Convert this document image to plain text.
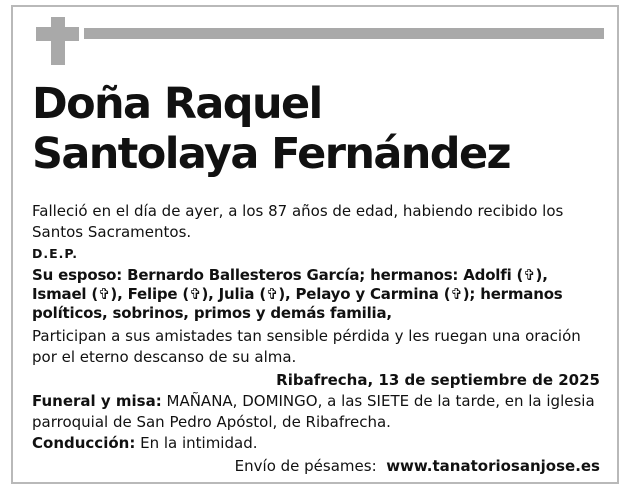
Doña Raquel
Santolaya Fernández
Falleció en el día de ayer, a los 87 años de edad, habiendo recibido los Santos Sacramentos.
D.E.P.
Su esposo: Bernardo Ballesteros García; hermanos: Adolfi (✞), Ismael (✞), Felipe (✞), Julia (✞), Pelayo y Carmina (✞); hermanos políticos, sobrinos, primos y demás familia,
Participan a sus amistades tan sensible pérdida y les ruegan una oración por el eterno descanso de su alma.
Ribafrecha, 13 de septiembre de 2025
Funeral y misa: MAÑANA, DOMINGO, a las SIETE de la tarde, en la iglesia parroquial de San Pedro Apóstol, de Ribafrecha.
Conducción: En la intimidad.
Envío de pésames: www.tanatoriosanjose.es
